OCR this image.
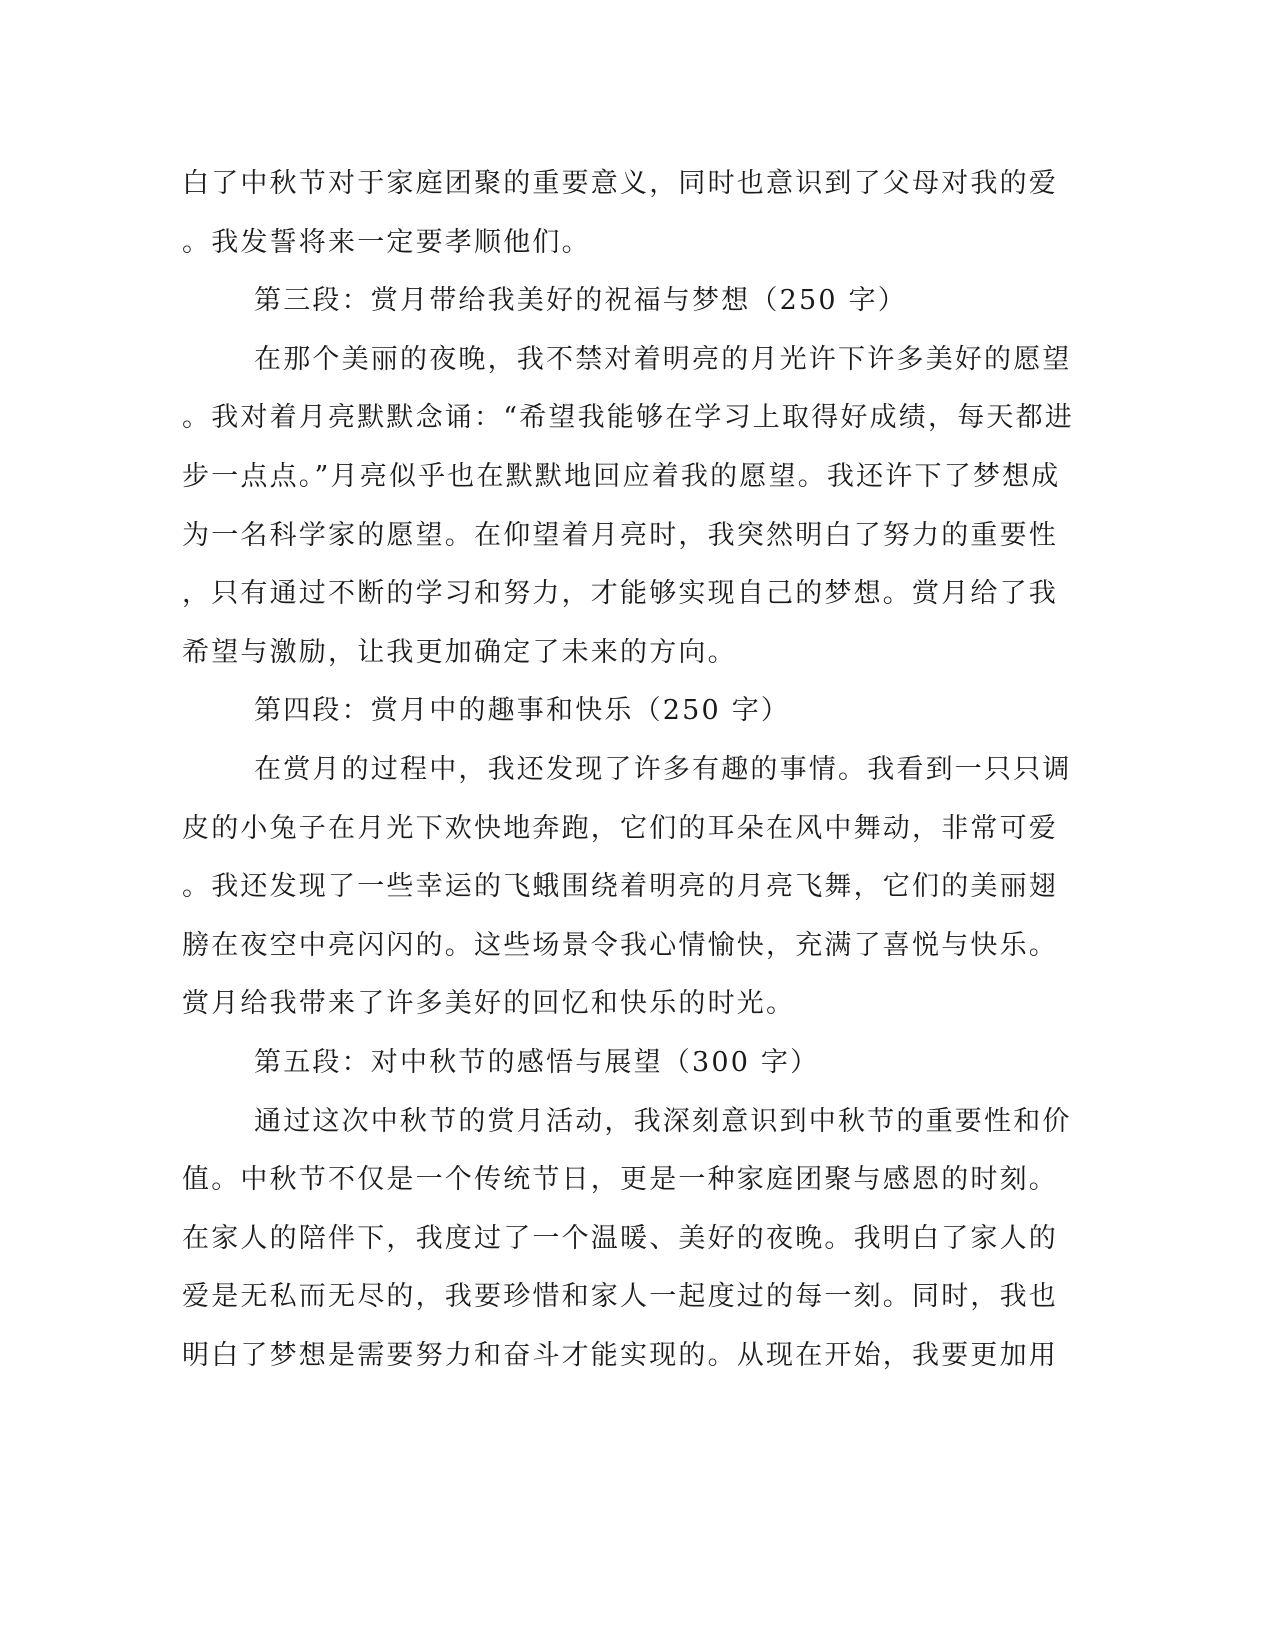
白了中秋节对于家庭团聚的重要意义，同时也意识到了父母对我的爱
。我发誓将来一定要孝顺他们。
第三段：赏月带给我美好的祝福与梦想（250 字）
在那个美丽的夜晚，我不禁对着明亮的月光许下许多美好的愿望
。我对着月亮默默念诵：“希望我能够在学习上取得好成绩，每天都进
步一点点。”月亮似乎也在默默地回应着我的愿望。我还许下了梦想成
为一名科学家的愿望。在仰望着月亮时，我突然明白了努力的重要性
，只有通过不断的学习和努力，才能够实现自己的梦想。赏月给了我
希望与激励，让我更加确定了未来的方向。
第四段：赏月中的趣事和快乐（250 字）
在赏月的过程中，我还发现了许多有趣的事情。我看到一只只调
皮的小兔子在月光下欢快地奔跑，它们的耳朵在风中舞动，非常可爱
。我还发现了一些幸运的飞蛾围绕着明亮的月亮飞舞，它们的美丽翅
膀在夜空中亮闪闪的。这些场景令我心情愉快，充满了喜悦与快乐。
赏月给我带来了许多美好的回忆和快乐的时光。
第五段：对中秋节的感悟与展望（300 字）
通过这次中秋节的赏月活动，我深刻意识到中秋节的重要性和价
值。中秋节不仅是一个传统节日，更是一种家庭团聚与感恩的时刻。
在家人的陪伴下，我度过了一个温暖、美好的夜晚。我明白了家人的
爱是无私而无尽的，我要珍惜和家人一起度过的每一刻。同时，我也
明白了梦想是需要努力和奋斗才能实现的。从现在开始，我要更加用
